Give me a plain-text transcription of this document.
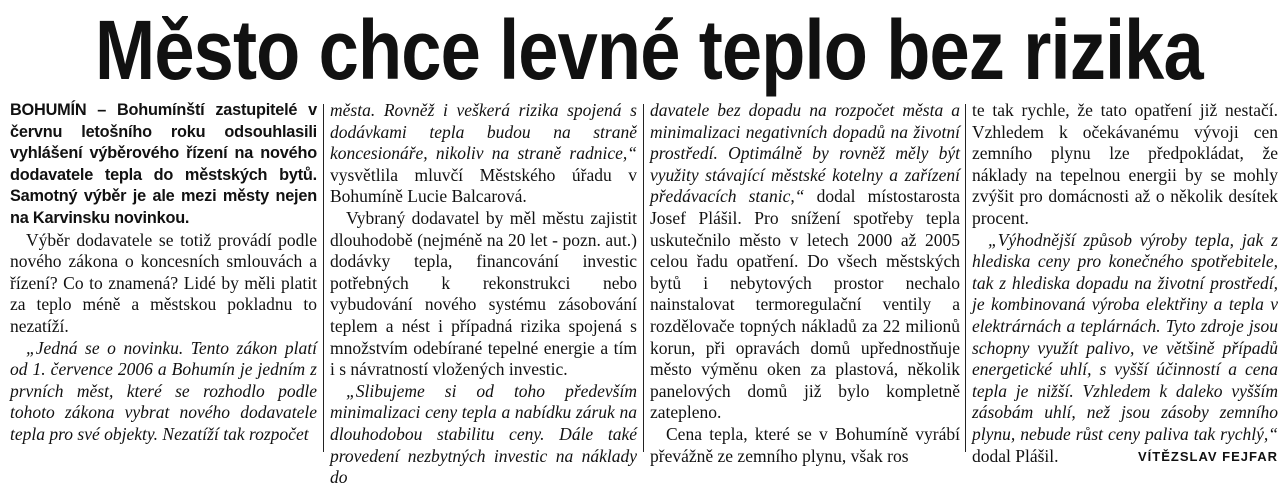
Město chce levné teplo bez rizika

BOHUMÍN – Bohumínští zastupitelé v červnu letošního roku odsouhlasili vyhlášení výběrového řízení na nového dodavatele tepla do městských bytů. Samotný výběr je ale mezi městy nejen na Karvinsku novinkou.

Výběr dodavatele se totiž provádí podle nového zákona o koncesních smlouvách a řízení? Co to znamená? Lidé by měli platit za teplo méně a městskou pokladnu to nezatíží.

„Jedná se o novinku. Tento zákon platí od 1. července 2006 a Bohumín je jedním z prvních měst, které se rozhodlo podle tohoto zákona vybrat nového dodavatele tepla pro své objekty. Nezatíží tak rozpočet

města. Rovněž i veškerá rizika spojená s dodávkami tepla budou na straně koncesionáře, nikoliv na straně radnice,“ vysvětlila mluvčí Městského úřadu v Bohumíně Lucie Balcarová.

Vybraný dodavatel by měl městu zajistit dlouhodobě (nejméně na 20 let - pozn. aut.) dodávky tepla, financování investic potřebných k rekonstrukci nebo vybudování nového systému zásobování teplem a nést i případná rizika spojená s množstvím odebírané tepelné energie a tím i s návratností vložených investic.

„Slibujeme si od toho především minimalizaci ceny tepla a nabídku záruk na dlouhodobou stabilitu ceny. Dále také provedení nezbytných investic na náklady do

davatele bez dopadu na rozpočet města a minimalizaci negativních dopadů na životní prostředí. Optimálně by rovněž měly být využity stávající městské kotelny a zařízení předávacích stanic,“ dodal místostarosta Josef Plášil. Pro snížení spotřeby tepla uskutečnilo město v letech 2000 až 2005 celou řadu opatření. Do všech městských bytů i nebytových prostor nechalo nainstalovat termoregulační ventily a rozdělovače topných nákladů za 22 milionů korun, při opravách domů upřednostňuje město výměnu oken za plastová, několik panelových domů již bylo kompletně zatepleno.

Cena tepla, které se v Bohumíně vyrábí převážně ze zemního plynu, však ros

te tak rychle, že tato opatření již nestačí. Vzhledem k očekávanému vývoji cen zemního plynu lze předpokládat, že náklady na tepelnou energii by se mohly zvýšit pro domácnosti až o několik desítek procent.

„Výhodnější způsob výroby tepla, jak z hlediska ceny pro konečného spotřebitele, tak z hlediska dopadu na životní prostředí, je kombinovaná výroba elektřiny a tepla v elektrárnách a teplárnách. Tyto zdroje jsou schopny využít palivo, ve většině případů energetické uhlí, s vyšší účinností a cena tepla je nižší. Vzhledem k daleko vyšším zásobám uhlí, než jsou zásoby zemního plynu, nebude růst ceny paliva tak rychlý,“ dodal Plášil.	VÍTĚZSLAV FEJFAR
